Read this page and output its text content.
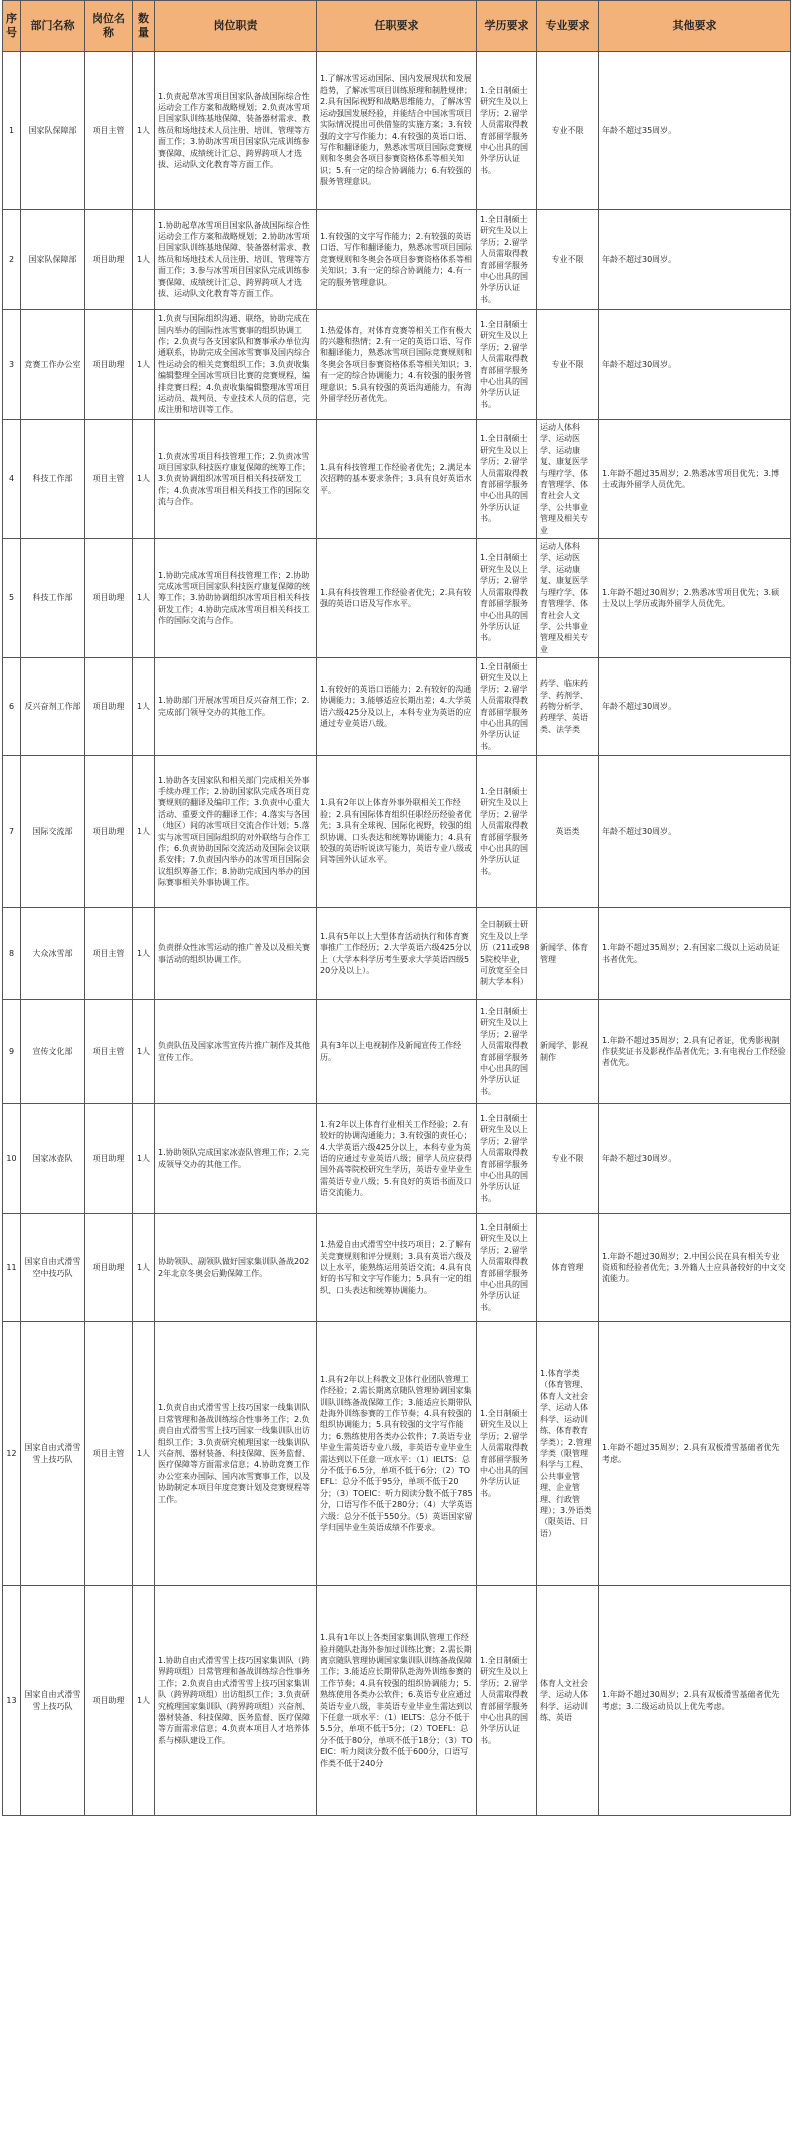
序号	部门名称	岗位名称	数量	岗位职责	任职要求	学历要求	专业要求	其他要求
1	国家队保障部	项目主管	1人	1.负责起草冰雪项目国家队备战国际综合性运动会工作方案和战略规划；2.负责冰雪项目国家队训练基地保障、装备器材需求、教练员和场地技术人员注册、培训、管理等方面工作；3.协助冰雪项目国家队完成训练参赛保障、成绩统计汇总、跨界跨项人才选拔、运动队文化教育等方面工作。	1.了解冰雪运动国际、国内发展现状和发展趋势，了解冰雪项目训练原理和制胜规律；2.具有国际视野和战略思维能力，了解冰雪运动强国发展经验，并能结合中国冰雪项目实际情况提出可供借鉴的实施方案；3.有较强的文字写作能力；4.有较强的英语口语、写作和翻译能力，熟悉冰雪项目国际竞赛规则和冬奥会各项目参赛资格体系等相关知识；5.有一定的综合协调能力；6.有较强的服务管理意识。	1.全日制硕士研究生及以上学历；2.留学人员需取得教育部留学服务中心出具的国外学历认证书。	专业不限	年龄不超过35周岁。
2	国家队保障部	项目助理	1人	1.协助起草冰雪项目国家队备战国际综合性运动会工作方案和战略规划；2.协助冰雪项目国家队训练基地保障、装备器材需求、教练员和场地技术人员注册、培训、管理等方面工作；3.参与冰雪项目国家队完成训练参赛保障、成绩统计汇总、跨界跨项人才选拔、运动队文化教育等方面工作。	1.有较强的文字写作能力；2.有较强的英语口语、写作和翻译能力，熟悉冰雪项目国际竞赛规则和冬奥会各项目参赛资格体系等相关知识；3.有一定的综合协调能力；4.有一定的服务管理意识。	1.全日制硕士研究生及以上学历；2.留学人员需取得教育部留学服务中心出具的国外学历认证书。	专业不限	年龄不超过30周岁。
3	竞赛工作办公室	项目助理	1人	1.负责与国际组织沟通、联络，协助完成在国内举办的国际性冰雪赛事的组织协调工作；2.负责与各支国家队和赛事承办单位沟通联系，协助完成全国冰雪赛事及国内综合性运动会的相关竞赛组织工作；3.负责收集编辑整理全国冰雪项目比赛的竞赛规程，编排竞赛日程；4.负责收集编辑整理冰雪项目运动员、裁判员、专业技术人员的信息，完成注册和培训等工作。	1.热爱体育，对体育竞赛等相关工作有极大的兴趣和热情；2.有一定的英语口语、写作和翻译能力，熟悉冰雪项目国际竞赛规则和冬奥会各项目参赛资格体系等相关知识；3.有一定的综合协调能力；4.有较强的服务管理意识；5.具有较强的英语沟通能力，有海外留学经历者优先。	1.全日制硕士研究生及以上学历；2.留学人员需取得教育部留学服务中心出具的国外学历认证书。	专业不限	年龄不超过30周岁。
4	科技工作部	项目主管	1人	1.负责冰雪项目科技管理工作；2.负责冰雪项目国家队科技医疗康复保障的统筹工作；3.负责协调组织冰雪项目相关科技研发工作；4.负责冰雪项目相关科技工作的国际交流与合作。	1.具有科技管理工作经验者优先；2.满足本次招聘的基本要求条件；3.具有良好英语水平。	1.全日制硕士研究生及以上学历；2.留学人员需取得教育部留学服务中心出具的国外学历认证书。	运动人体科学、运动医学、运动康复、康复医学与理疗学、体育管理学、体育社会人文学、公共事业管理及相关专业	1.年龄不超过35周岁；2.熟悉冰雪项目优先；3.博士或海外留学人员优先。
5	科技工作部	项目助理	1人	1.协助完成冰雪项目科技管理工作；2.协助完成冰雪项目国家队科技医疗康复保障的统筹工作；3.协助协调组织冰雪项目相关科技研发工作；4.协助完成冰雪项目相关科技工作的国际交流与合作。	1.具有科技管理工作经验者优先；2.具有较强的英语口语及写作水平。	1.全日制硕士研究生及以上学历；2.留学人员需取得教育部留学服务中心出具的国外学历认证书。	运动人体科学、运动医学、运动康复、康复医学与理疗学、体育管理学、体育社会人文学、公共事业管理及相关专业	1.年龄不超过30周岁；2.熟悉冰雪项目优先；3.硕士及以上学历或海外留学人员优先。
6	反兴奋剂工作部	项目助理	1人	1.协助部门开展冰雪项目反兴奋剂工作；2.完成部门领导交办的其他工作。	1.有较好的英语口语能力；2.有较好的沟通协调能力；3.能够适应长期出差；4.大学英语六级425分及以上，本科专业为英语的应通过专业英语八级。	1.全日制硕士研究生及以上学历；2.留学人员需取得教育部留学服务中心出具的国外学历认证书。	药学、临床药学、药剂学、药物分析学、药理学、英语类、法学类	年龄不超过30周岁。
7	国际交流部	项目助理	1人	1.协助各支国家队和相关部门完成相关外事手续办理工作；2.协助国家队完成各项目竞赛规则的翻译及编印工作；3.负责中心重大活动、重要文件的翻译工作；4.落实与各国（地区）间的冰雪项目交流合作计划；5.落实与冰雪项目国际组织的对外联络与合作工作；6.负责协助国际交流活动及国际会议联系安排；7.负责国内举办的冰雪项目国际会议组织筹备工作；8.协助完成国内举办的国际赛事相关外事协调工作。	1.具有2年以上体育外事外联相关工作经验；2.具有国际体育组织任职经历经验者优先；3.具有全球视、国际化视野，较强的组织协调、口头表达和统筹协调能力；4.具有较强的英语听说读写能力，英语专业八级或同等国外认证水平。	1.全日制硕士研究生及以上学历；2.留学人员需取得教育部留学服务中心出具的国外学历认证书。	英语类	年龄不超过30周岁。
8	大众冰雪部	项目主管	1人	负责群众性冰雪运动的推广普及以及相关赛事活动的组织协调工作。	1.具有5年以上大型体育活动执行和体育赛事推广工作经历；2.大学英语六级425分以上（大学本科学历考生要求大学英语四级520分及以上）。	全日制硕士研究生及以上学历（211或985院校毕业，可放宽至全日制大学本科）	新闻学、体育管理	1.年龄不超过35周岁；2.有国家二级以上运动员证书者优先。
9	宣传文化部	项目主管	1人	负责队伍及国家冰雪宣传片推广制作及其他宣传工作。	具有3年以上电视制作及新闻宣传工作经历。	1.全日制硕士研究生及以上学历；2.留学人员需取得教育部留学服务中心出具的国外学历认证书。	新闻学、影视制作	1.年龄不超过35周岁；2.具有记者证，优秀影视制作获奖证书及影视作品者优先；3.有电视台工作经验者优先。
10	国家冰壶队	项目助理	1人	1.协助领队完成国家冰壶队管理工作；2.完成领导交办的其他工作。	1.有2年以上体育行业相关工作经验；2.有较好的协调沟通能力；3.有较强的责任心；4.大学英语六级425分以上，本科专业为英语的应通过专业英语八级；留学人员应获得国外高等院校研究生学历，英语专业毕业生需英语专业八级；5.有良好的英语书面及口语交流能力。	1.全日制硕士研究生及以上学历；2.留学人员需取得教育部留学服务中心出具的国外学历认证书。	专业不限	年龄不超过30周岁。
11	国家自由式滑雪空中技巧队	项目助理	1人	协助领队、副领队做好国家集训队备战2022年北京冬奥会后勤保障工作。	1.热爱自由式滑雪空中技巧项目；2.了解有关竞赛规则和评分规则；3.具有英语六级及以上水平，能熟练运用英语交流；4.具有良好的书写和文字写作能力；5.具有一定的组织、口头表达和统筹协调能力。	1.全日制硕士研究生及以上学历；2.留学人员需取得教育部留学服务中心出具的国外学历认证书。	体育管理	1.年龄不超过30周岁；2.中国公民在具有相关专业资质和经验者优先；3.外籍人士应具备较好的中文交流能力。
12	国家自由式滑雪雪上技巧队	项目主管	1人	1.负责自由式滑雪雪上技巧国家一线集训队日常管理和备战训练综合性事务工作；2.负责自由式滑雪雪上技巧国家一线集训队出访组织工作；3.负责研究梳理国家一线集训队兴奋剂、器材装备、科技保障、医务监督、医疗保障等方面需求信息；4.协助竞赛工作办公室来办国际、国内冰雪赛事工作，以及协助制定本项目年度竞赛计划及竞赛规程等工作。	1.具有2年以上科教文卫体行业团队管理工作经验；2.需长期离京随队管理协调国家集训队训练备战保障工作；3.能适应长期带队赴海外训练参赛的工作节奏；4.具有较强的组织协调能力；5.具有较强的文字写作能力；6.熟练使用各类办公软件；7.英语专业毕业生需英语专业八级，非英语专业毕业生需达到以下任意一项水平：（1）IELTS：总分不低于6.5分，单项不低于6分；（2）TOEFL：总分不低于95分，单项不低于20分；（3）TOEIC：听力阅读分数不低于785分，口语写作不低于280分；（4）大学英语六级：总分不低于550分。（5）英语国家留学归国毕业生英语成绩不作要求。	1.全日制硕士研究生及以上学历；2.留学人员需取得教育部留学服务中心出具的国外学历认证书。	1.体育学类（体育管理、体育人文社会学、运动人体科学、运动训练、体育教育学类）；2.管理学类（限管理科学与工程、公共事业管理、企业管理、行政管理）；3.外语类（限英语、日语）	1.年龄不超过35周岁；2.具有双板滑雪基础者优先考虑。
13	国家自由式滑雪雪上技巧队	项目助理	1人	1.协助自由式滑雪雪上技巧国家集训队（跨界跨项组）日常管理和备战训练综合性事务工作；2.负责自由式滑雪雪上技巧国家集训队（跨界跨项组）出访组织工作；3.负责研究梳理国家集训队（跨界跨项组）兴奋剂、器材装备、科技保障、医务监督、医疗保障等方面需求信息；4.负责本项目人才培养体系与梯队建设工作。	1.具有1年以上各类国家集训队管理工作经验并随队赴海外参加过训练比赛；2.需长期离京随队管理协调国家集训队训练备战保障工作；3.能适应长期带队赴海外训练参赛的工作节奏；4.具有较强的组织协调能力；5.熟练使用各类办公软件；6.英语专业应通过英语专业八级，非英语专业毕业生需达到以下任意一项水平：（1）IELTS：总分不低于5.5分，单项不低于5分；（2）TOEFL：总分不低于80分，单项不低于18分；（3）TOEIC：听力阅读分数不低于600分，口语写作类不低于240分	1.全日制硕士研究生及以上学历；2.留学人员需取得教育部留学服务中心出具的国外学历认证书。	体育人文社会学、运动人体科学、运动训练、英语	1.年龄不超过30周岁；2.具有双板滑雪基础者优先考虑；3.二级运动员以上优先考虑。
